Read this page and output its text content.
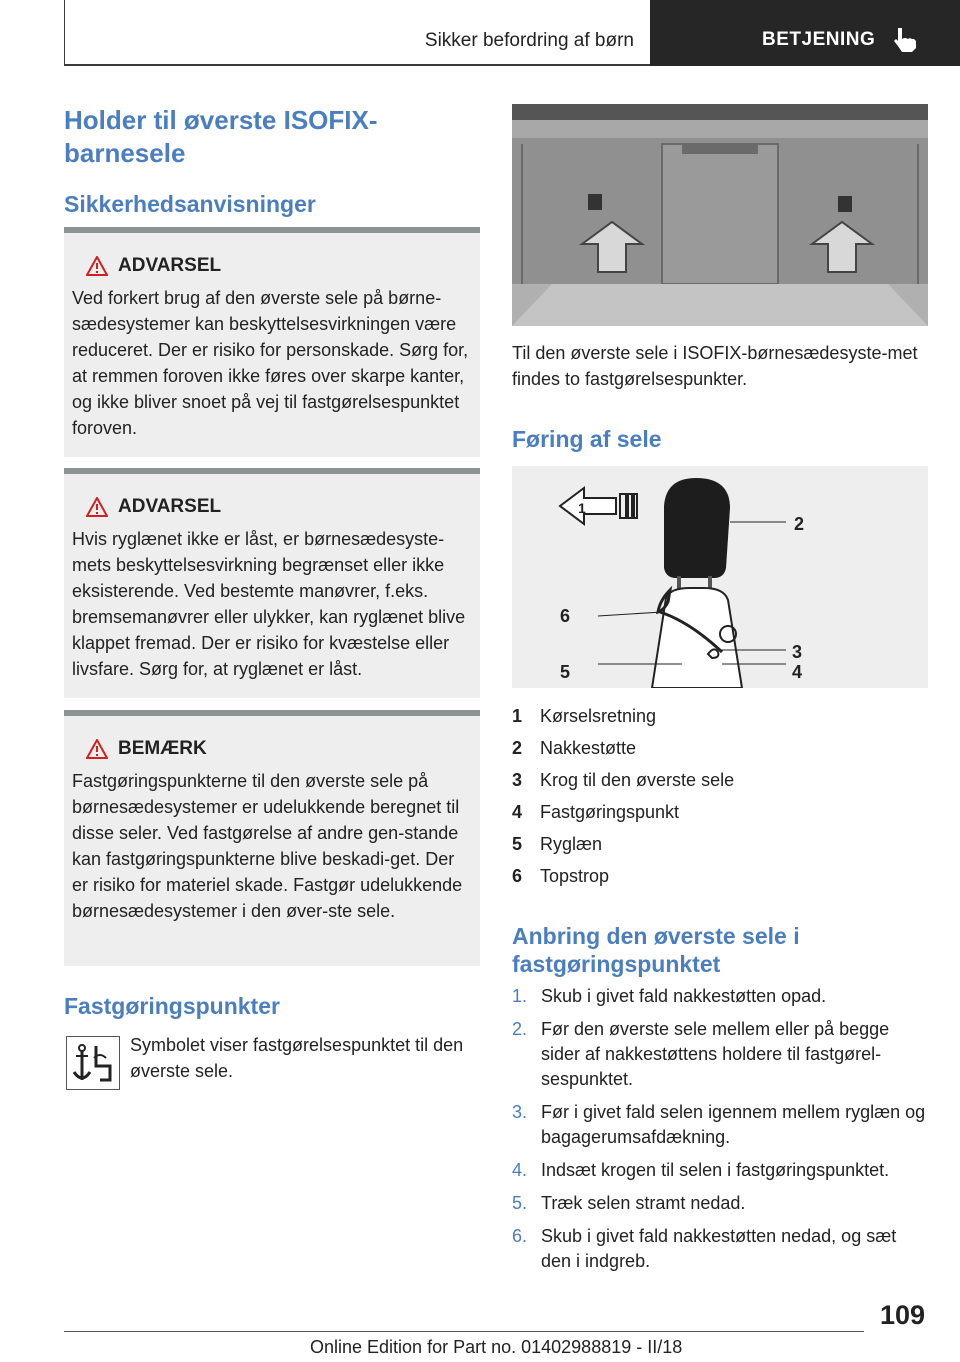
Sikker befordring af børn	BETJENING
Holder til øverste ISOFIX-barnesele
Sikkerhedsanvisninger
ADVARSEL
Ved forkert brug af den øverste sele på børne-sædesystemer kan beskyttelsesvirkningen være reduceret. Der er risiko for personskade. Sørg for, at remmen foroven ikke føres over skarpe kanter, og ikke bliver snoet på vej til fastgørelsespunktet foroven.
ADVARSEL
Hvis ryglænet ikke er låst, er børnesædesyste-mets beskyttelsesvirkning begrænset eller ikke eksisterende. Ved bestemte manøvrer, f.eks. bremsemanøvrer eller ulykker, kan ryglænet blive klappet fremad. Der er risiko for kvæstelse eller livsfare. Sørg for, at ryglænet er låst.
BEMÆRK
Fastgøringspunkterne til den øverste sele på børnesædesystemer er udelukkende beregnet til disse seler. Ved fastgørelse af andre gen-stande kan fastgøringspunkterne blive beskadi-get. Der er risiko for materiel skade. Fastgør udelukkende børnesædesystemer i den øver-ste sele.
Fastgøringspunkter
Symbolet viser fastgørelsespunktet til den øverste sele.
Til den øverste sele i ISOFIX-børnesædesyste-met findes to fastgørelsespunkter.
Føring af sele
1
2
3
4
5
6
1 Kørselsretning
2 Nakkestøtte
3 Krog til den øverste sele
4 Fastgøringspunkt
5 Ryglæn
6 Topstrop
Anbring den øverste sele i fastgøringspunktet
1. Skub i givet fald nakkestøtten opad.
2. Før den øverste sele mellem eller på begge sider af nakkestøttens holdere til fastgørel-sespunktet.
3. Før i givet fald selen igennem mellem ryglæn og bagagerumsafdækning.
4. Indsæt krogen til selen i fastgøringspunktet.
5. Træk selen stramt nedad.
6. Skub i givet fald nakkestøtten nedad, og sæt den i indgreb.
109
Online Edition for Part no. 01402988819 - II/18
